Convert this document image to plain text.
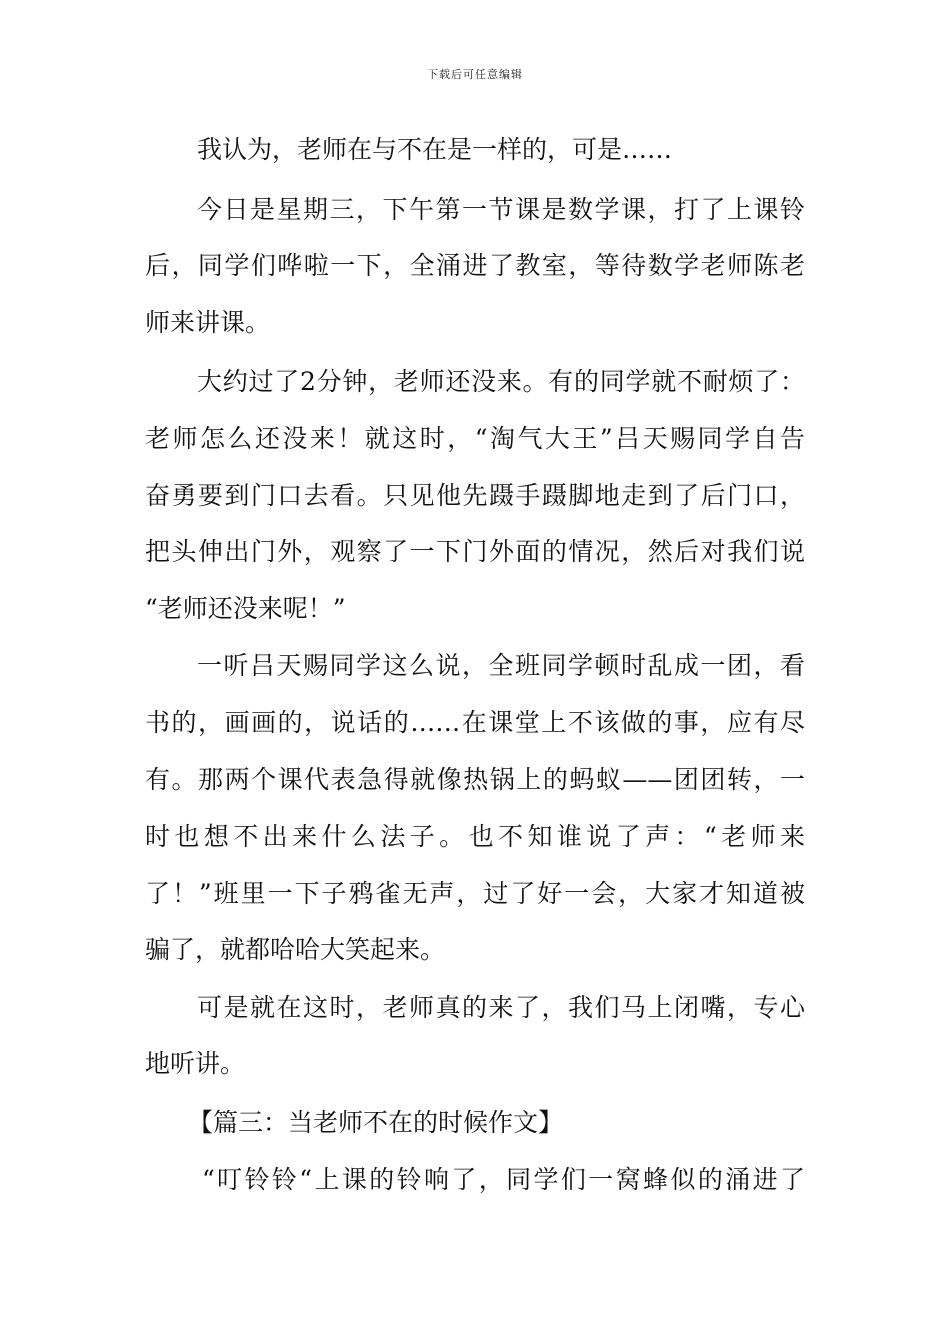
下载后可任意编辑
我认为，老师在与不在是一样的，可是……
今日是星期三，下午第一节课是数学课，打了上课铃
后，同学们哗啦一下，全涌进了教室，等待数学老师陈老
师来讲课。
大约过了2分钟，老师还没来。有的同学就不耐烦了：
老师怎么还没来！就这时，“淘气大王”吕天赐同学自告
奋勇要到门口去看。只见他先蹑手蹑脚地走到了后门口，
把头伸出门外，观察了一下门外面的情况，然后对我们说
“老师还没来呢！”
一听吕天赐同学这么说，全班同学顿时乱成一团，看
书的，画画的，说话的……在课堂上不该做的事，应有尽
有。那两个课代表急得就像热锅上的蚂蚁——团团转，一
时也想不出来什么法子。也不知谁说了声：“老师来
了！”班里一下子鸦雀无声，过了好一会，大家才知道被
骗了，就都哈哈大笑起来。
可是就在这时，老师真的来了，我们马上闭嘴，专心
地听讲。
【篇三：当老师不在的时候作文】
“叮铃铃“上课的铃响了，同学们一窝蜂似的涌进了
